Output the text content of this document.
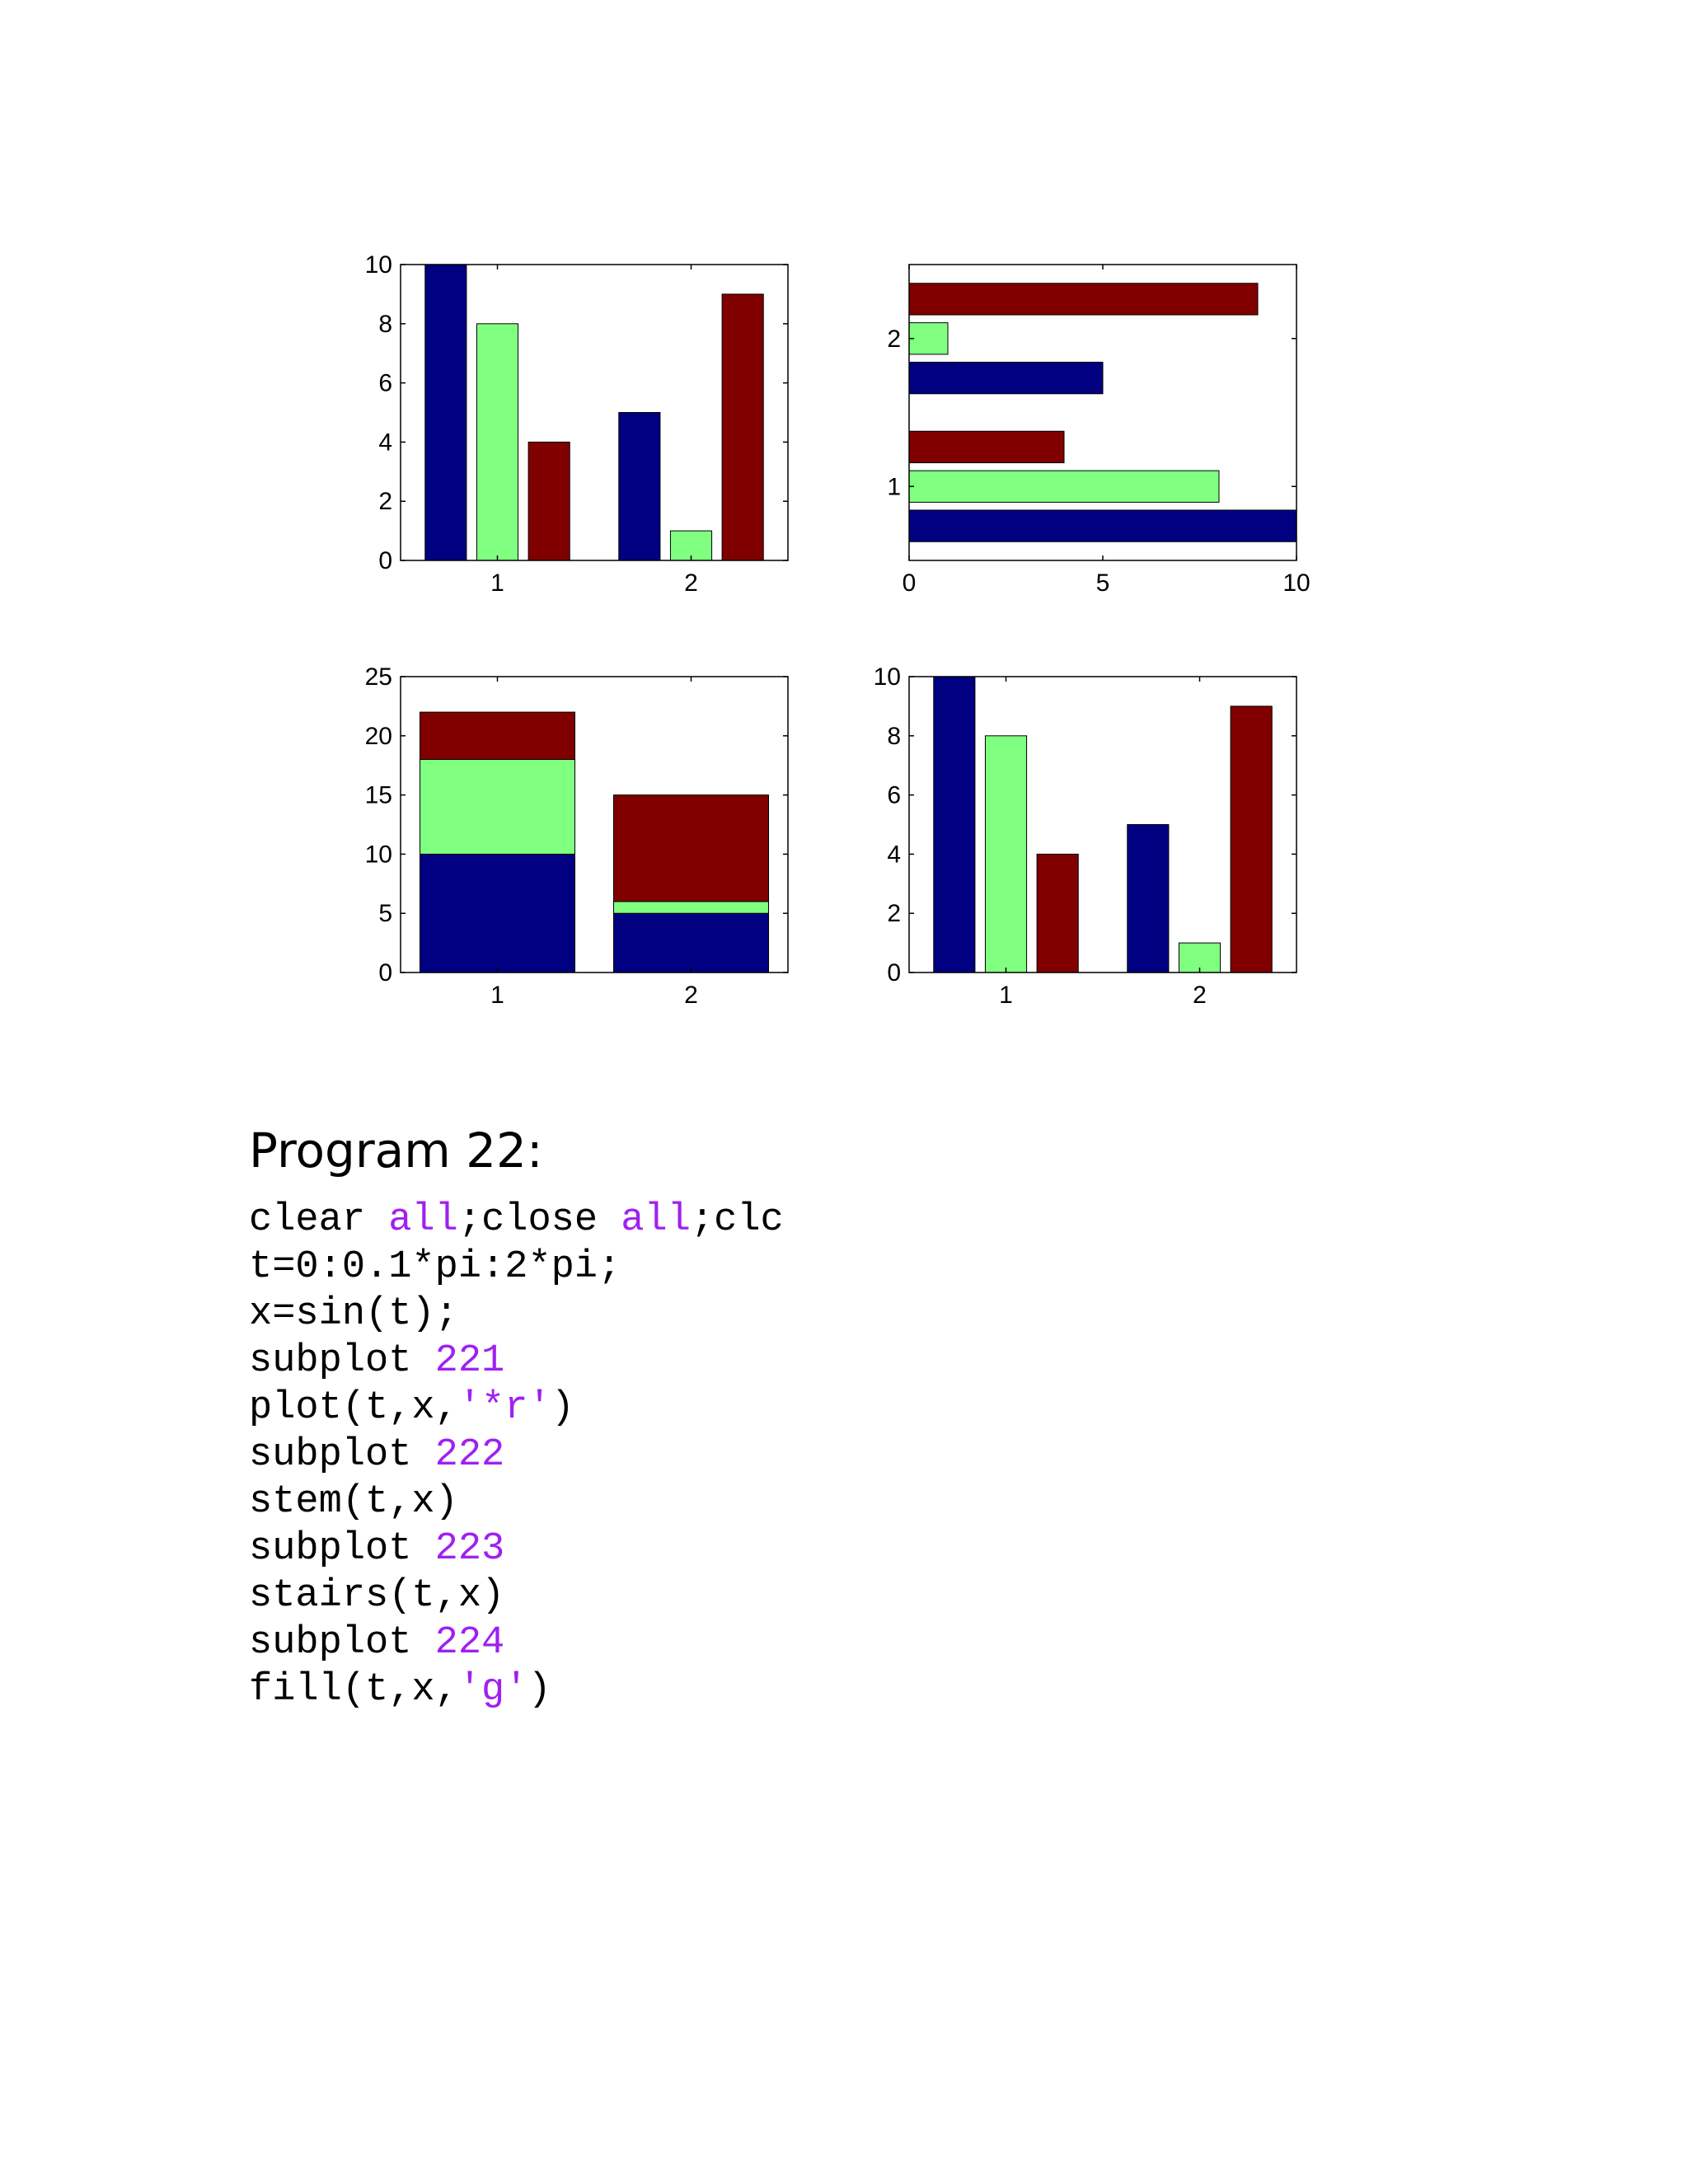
1	2
0
2
4
6
8
10
1
2
0	5	10
1	2
0
5
10
15
20
25
1	2
0
2
4
6
8
10
Program 22:
clear all;close all;clc
t=0:0.1*pi:2*pi;
x=sin(t);
subplot 221
plot(t,x,'*r')
subplot 222
stem(t,x)
subplot 223
stairs(t,x)
subplot 224
fill(t,x,'g')
